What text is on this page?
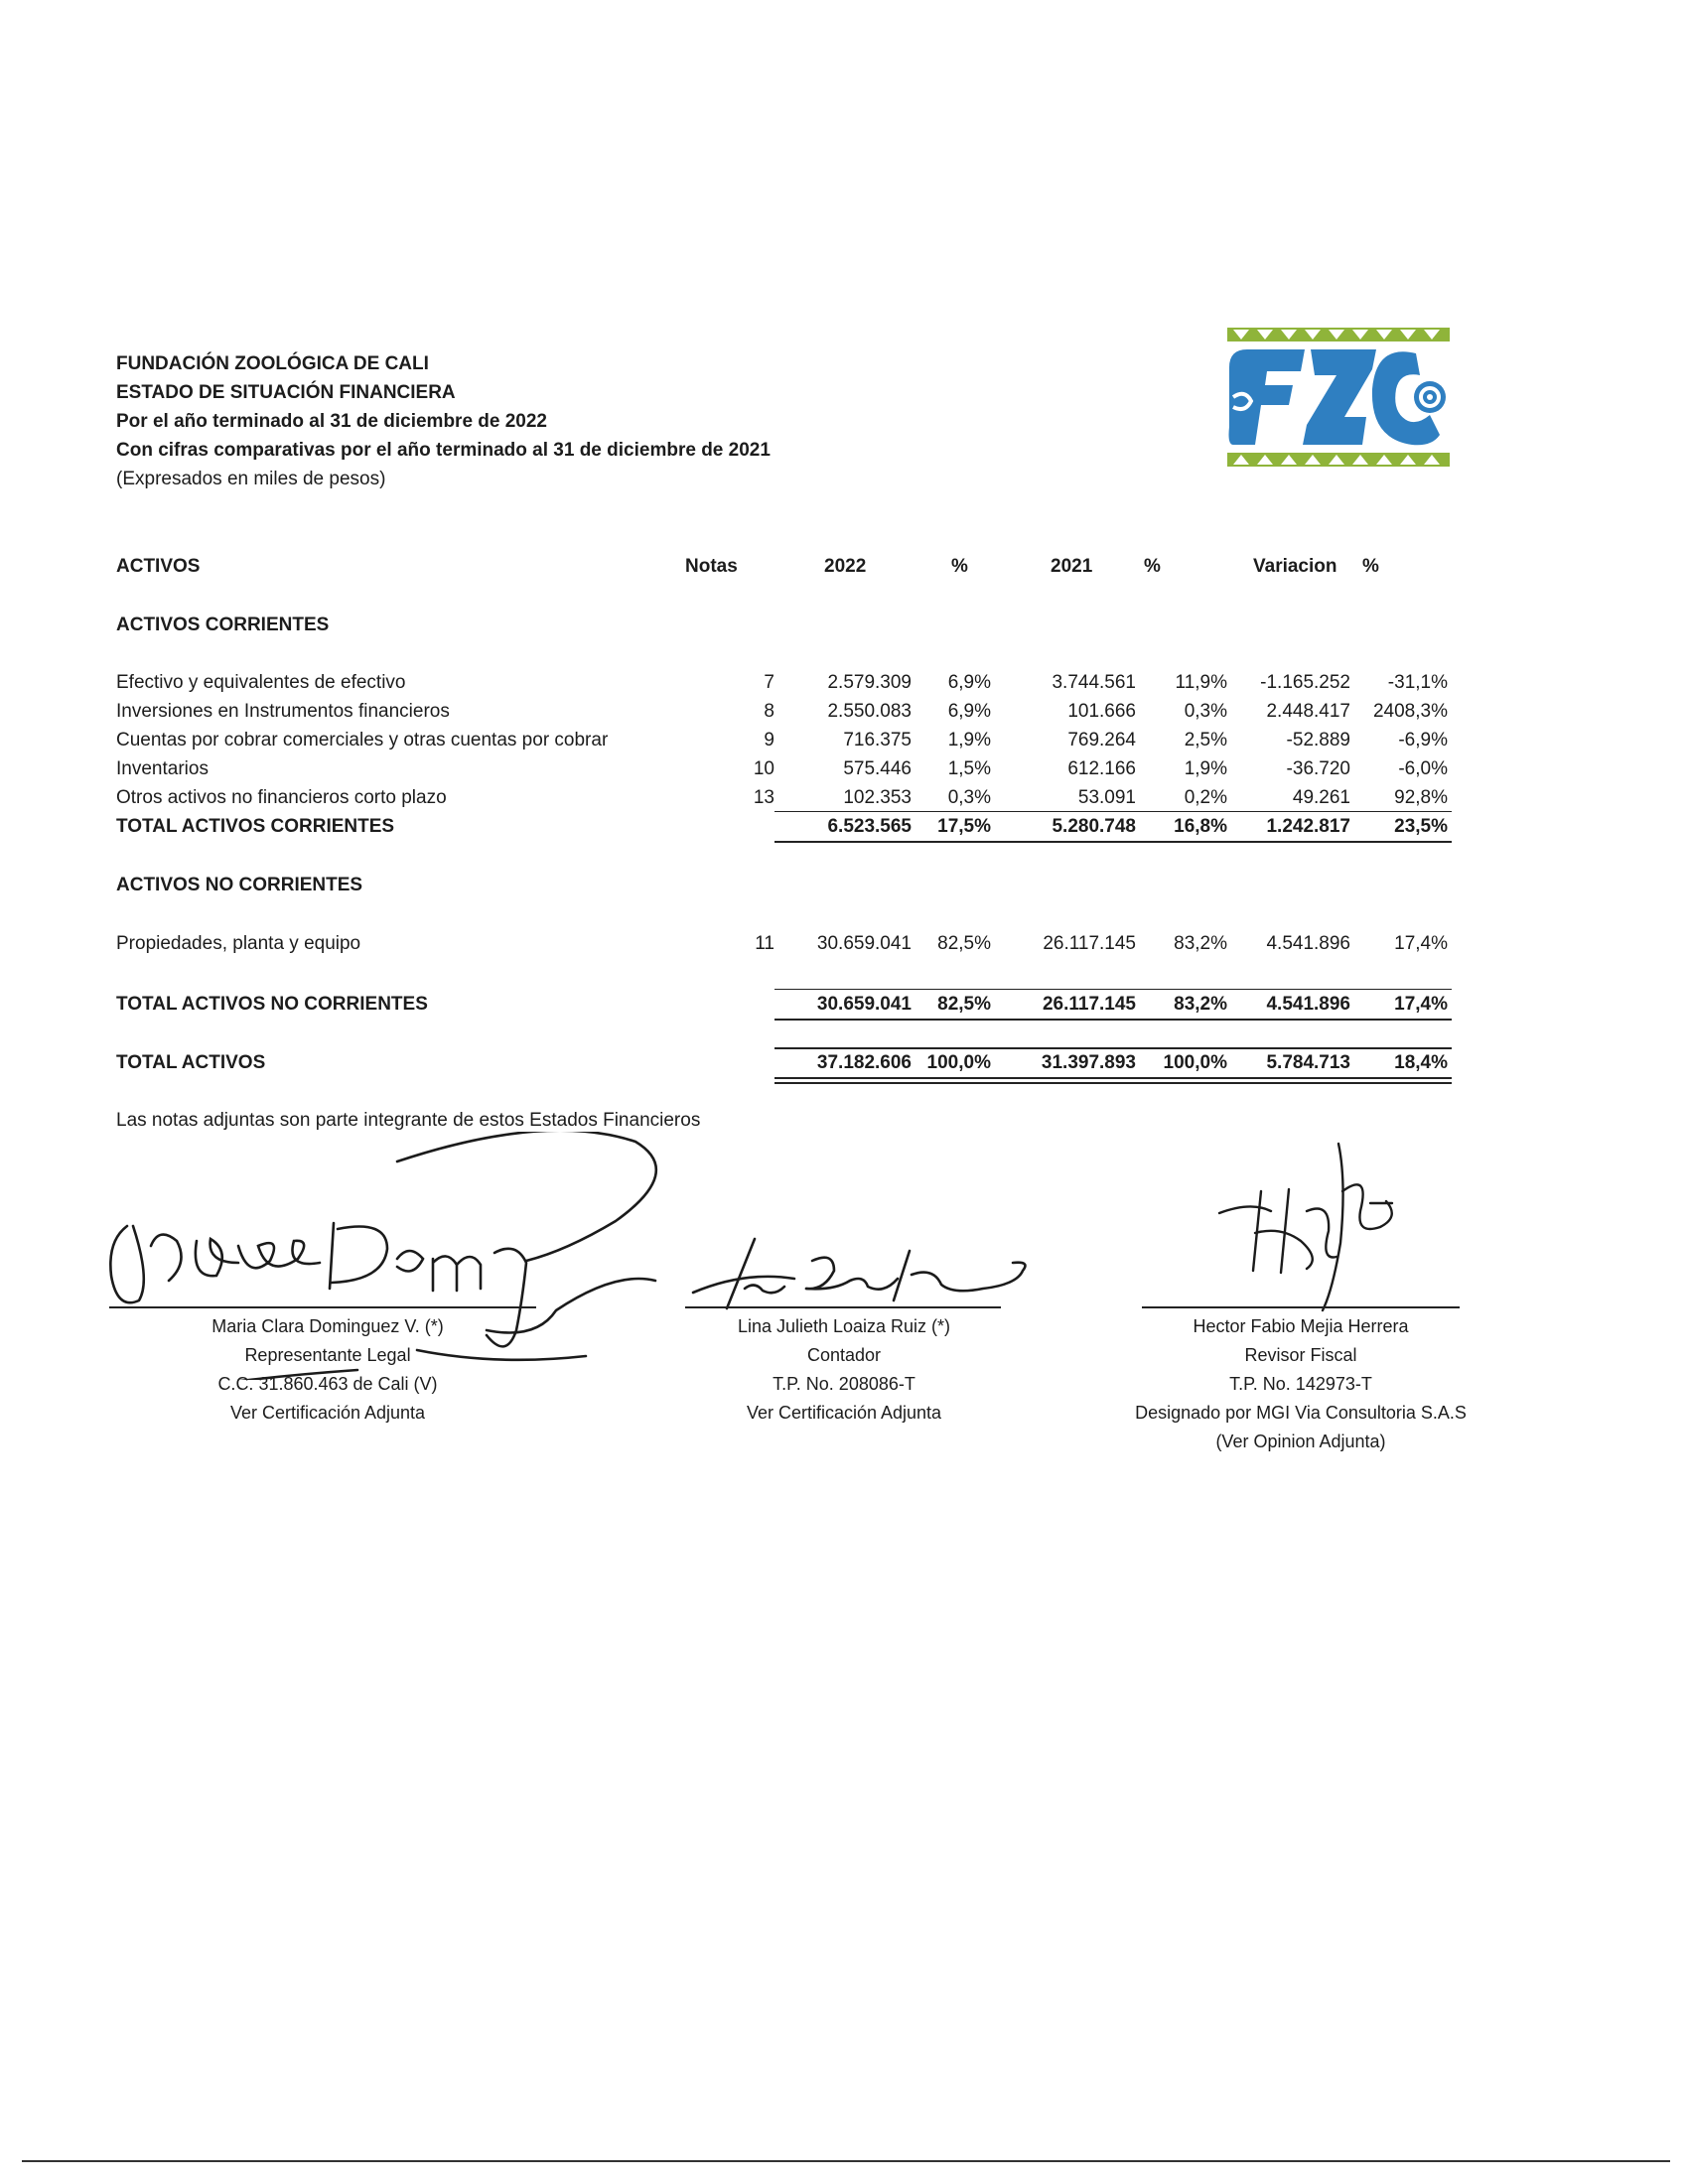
FUNDACIÓN ZOOLÓGICA DE CALI
ESTADO DE SITUACIÓN FINANCIERA
Por el año terminado al 31 de diciembre de 2022
Con cifras comparativas por el año terminado al 31 de diciembre de 2021
(Expresados en miles de pesos)
ACTIVOS	Notas	2022	%	2021	%	Variacion %
ACTIVOS CORRIENTES
Efectivo y equivalentes de efectivo	7	2.579.309 6,9%	3.744.561 11,9% -1.165.252 -31,1%
Inversiones en Instrumentos financieros	8	2.550.083 6,9%	101.666	0,3% 2.448.417 2408,3%
Cuentas por cobrar comerciales y otras cuentas por cobrar	9	716.375 1,9%	769.264	2,5%	-52.889	-6,9%
Inventarios	10	575.446 1,5%	612.166	1,9%	-36.720	-6,0%
Otros activos no financieros corto plazo	13	102.353 0,3%	53.091	0,2%	49.261 92,8%
TOTAL ACTIVOS CORRIENTES	6.523.565 17,5%	5.280.748 16,8% 1.242.817 23,5%
ACTIVOS NO CORRIENTES
Propiedades, planta y equipo	11 30.659.041 82,5%	26.117.145 83,2% 4.541.896 17,4%
TOTAL ACTIVOS NO CORRIENTES	30.659.041 82,5%	26.117.145 83,2% 4.541.896 17,4%
TOTAL ACTIVOS	37.182.606 100,0%	31.397.893 100,0% 5.784.713 18,4%
Las notas adjuntas son parte integrante de estos Estados Financieros
Maria Clara Dominguez V. (*)
Representante Legal
C.C. 31.860.463 de Cali (V)
Ver Certificación Adjunta
Lina Julieth Loaiza Ruiz (*)
Contador
T.P. No. 208086-T
Ver Certificación Adjunta
Hector Fabio Mejia Herrera
Revisor Fiscal
T.P. No. 142973-T
Designado por MGI Via Consultoria S.A.S
(Ver Opinion Adjunta)
